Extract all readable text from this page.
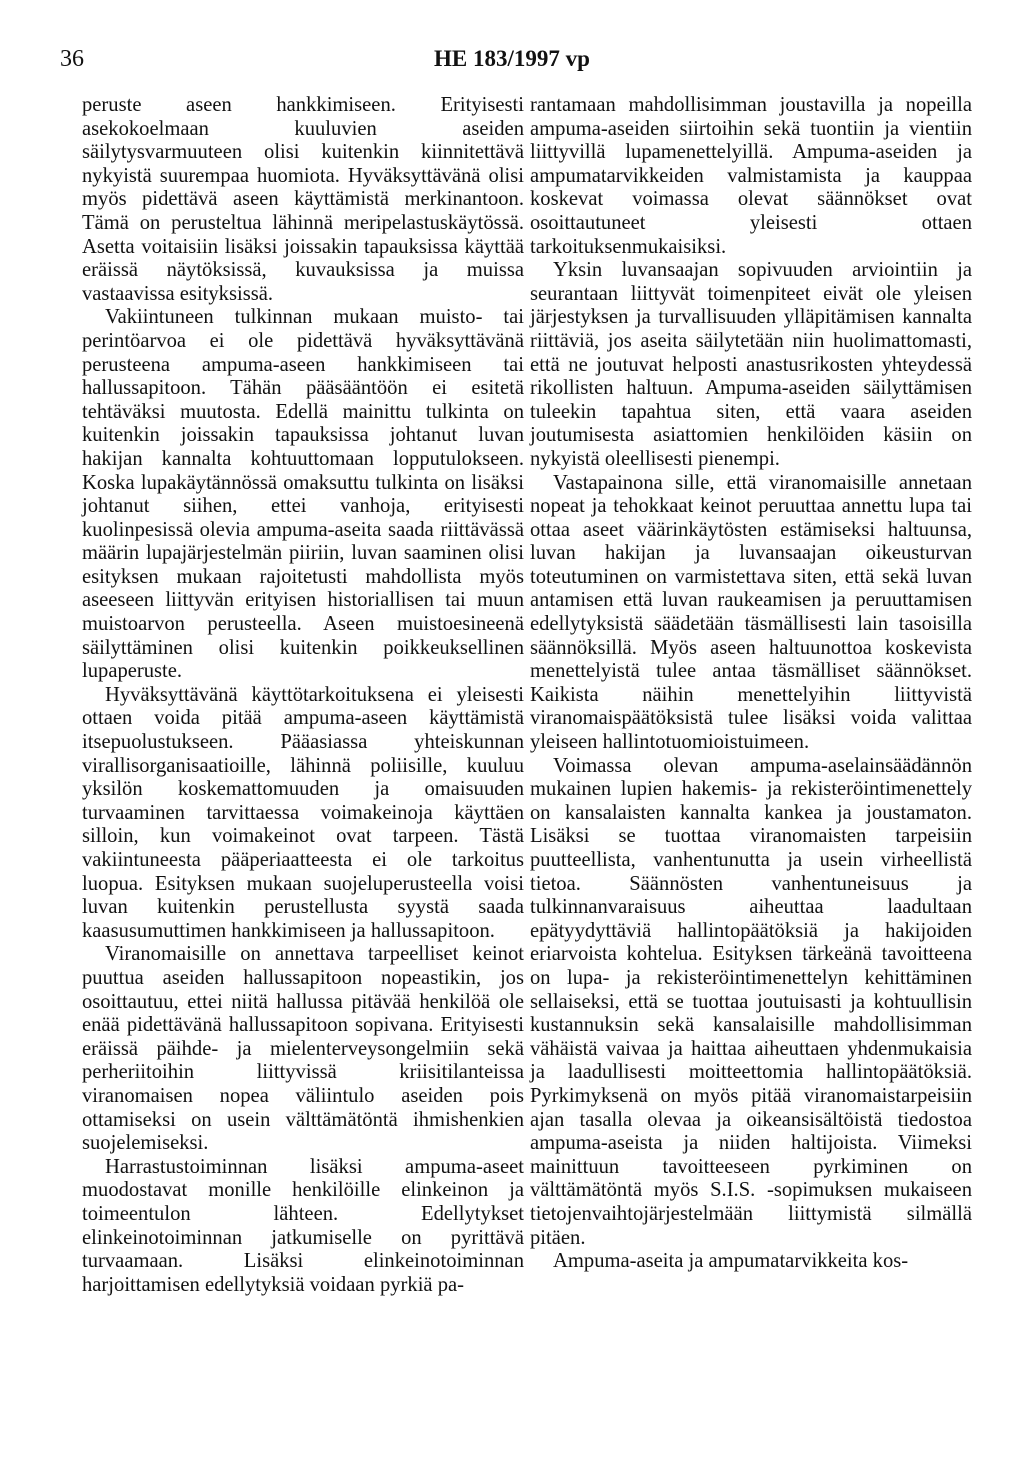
36	HE 183/1997 vp

peruste aseen hankkimiseen. Erityisesti asekokoelmaan kuuluvien aseiden säilytysvarmuuteen olisi kuitenkin kiinnitettävä nykyistä suurempaa huomiota. Hyväksyttävänä olisi myös pidettävä aseen käyttämistä merkinantoon. Tämä on perusteltua lähinnä meripelastuskäytössä. Asetta voitaisiin lisäksi joissakin tapauksissa käyttää eräissä näytöksissä, kuvauksissa ja muissa vastaavissa esityksissä.

Vakiintuneen tulkinnan mukaan muisto- tai perintöarvoa ei ole pidettävä hyväksyttävänä perusteena ampuma-aseen hankkimiseen tai hallussapitoon. Tähän pääsääntöön ei esitetä tehtäväksi muutosta. Edellä mainittu tulkinta on kuitenkin joissakin tapauksissa johtanut luvan hakijan kannalta kohtuuttomaan lopputulokseen. Koska lupakäytännössä omaksuttu tulkinta on lisäksi johtanut siihen, ettei vanhoja, erityisesti kuolinpesissä olevia ampuma-aseita saada riittävässä määrin lupajärjestelmän piiriin, luvan saaminen olisi esityksen mukaan rajoitetusti mahdollista myös aseeseen liittyvän erityisen historiallisen tai muun muistoarvon perusteella. Aseen muistoesineenä säilyttäminen olisi kuitenkin poikkeuksellinen lupaperuste.

Hyväksyttävänä käyttötarkoituksena ei yleisesti ottaen voida pitää ampuma-aseen käyttämistä itsepuolustukseen. Pääasiassa yhteiskunnan virallisorganisaatioille, lähinnä poliisille, kuuluu yksilön koskemattomuuden ja omaisuuden turvaaminen tarvittaessa voimakeinoja käyttäen silloin, kun voimakeinot ovat tarpeen. Tästä vakiintuneesta pääperiaatteesta ei ole tarkoitus luopua. Esityksen mukaan suojeluperusteella voisi luvan kuitenkin perustellusta syystä saada kaasusumuttimen hankkimiseen ja hallussapitoon.

Viranomaisille on annettava tarpeelliset keinot puuttua aseiden hallussapitoon nopeastikin, jos osoittautuu, ettei niitä hallussa pitävää henkilöä ole enää pidettävänä hallussapitoon sopivana. Erityisesti eräissä päihde- ja mielenterveysongelmiin sekä perheriitoihin liittyvissä kriisitilanteissa viranomaisen nopea väliintulo aseiden pois ottamiseksi on usein välttämätöntä ihmishenkien suojelemiseksi.

Harrastustoiminnan lisäksi ampuma-aseet muodostavat monille henkilöille elinkeinon ja toimeentulon lähteen. Edellytykset elinkeinotoiminnan jatkumiselle on pyrittävä turvaamaan. Lisäksi elinkeinotoiminnan harjoittamisen edellytyksiä voidaan pyrkiä pa-

rantamaan mahdollisimman joustavilla ja nopeilla ampuma-aseiden siirtoihin sekä tuontiin ja vientiin liittyvillä lupamenettelyillä. Ampuma-aseiden ja ampumatarvikkeiden valmistamista ja kauppaa koskevat voimassa olevat säännökset ovat osoittautuneet yleisesti ottaen tarkoituksenmukaisiksi.

Yksin luvansaajan sopivuuden arviointiin ja seurantaan liittyvät toimenpiteet eivät ole yleisen järjestyksen ja turvallisuuden ylläpitämisen kannalta riittäviä, jos aseita säilytetään niin huolimattomasti, että ne joutuvat helposti anastusrikosten yhteydessä rikollisten haltuun. Ampuma-aseiden säilyttämisen tuleekin tapahtua siten, että vaara aseiden joutumisesta asiattomien henkilöiden käsiin on nykyistä oleellisesti pienempi.

Vastapainona sille, että viranomaisille annetaan nopeat ja tehokkaat keinot peruuttaa annettu lupa tai ottaa aseet väärinkäytösten estämiseksi haltuunsa, luvan hakijan ja luvansaajan oikeusturvan toteutuminen on varmistettava siten, että sekä luvan antamisen että luvan raukeamisen ja peruuttamisen edellytyksistä säädetään täsmällisesti lain tasoisilla säännöksillä. Myös aseen haltuunottoa koskevista menettelyistä tulee antaa täsmälliset säännökset. Kaikista näihin menettelyihin liittyvistä viranomaispäätöksistä tulee lisäksi voida valittaa yleiseen hallintotuomioistuimeen.

Voimassa olevan ampuma-aselainsäädännön mukainen lupien hakemis- ja rekisteröintimenettely on kansalaisten kannalta kankea ja joustamaton. Lisäksi se tuottaa viranomaisten tarpeisiin puutteellista, vanhentunutta ja usein virheellistä tietoa. Säännösten vanhentuneisuus ja tulkinnanvaraisuus aiheuttaa laadultaan epätyydyttäviä hallintopäätöksiä ja hakijoiden eriarvoista kohtelua. Esityksen tärkeänä tavoitteena on lupa- ja rekisteröintimenettelyn kehittäminen sellaiseksi, että se tuottaa joutuisasti ja kohtuullisin kustannuksin sekä kansalaisille mahdollisimman vähäistä vaivaa ja haittaa aiheuttaen yhdenmukaisia ja laadullisesti moitteettomia hallintopäätöksiä. Pyrkimyksenä on myös pitää viranomaistarpeisiin ajan tasalla olevaa ja oikeansisältöistä tiedostoa ampuma-aseista ja niiden haltijoista. Viimeksi mainittuun tavoitteeseen pyrkiminen on välttämätöntä myös S.I.S. -sopimuksen mukaiseen tietojenvaihtojärjestelmään liittymistä silmällä pitäen.

Ampuma-aseita ja ampumatarvikkeita kos-
